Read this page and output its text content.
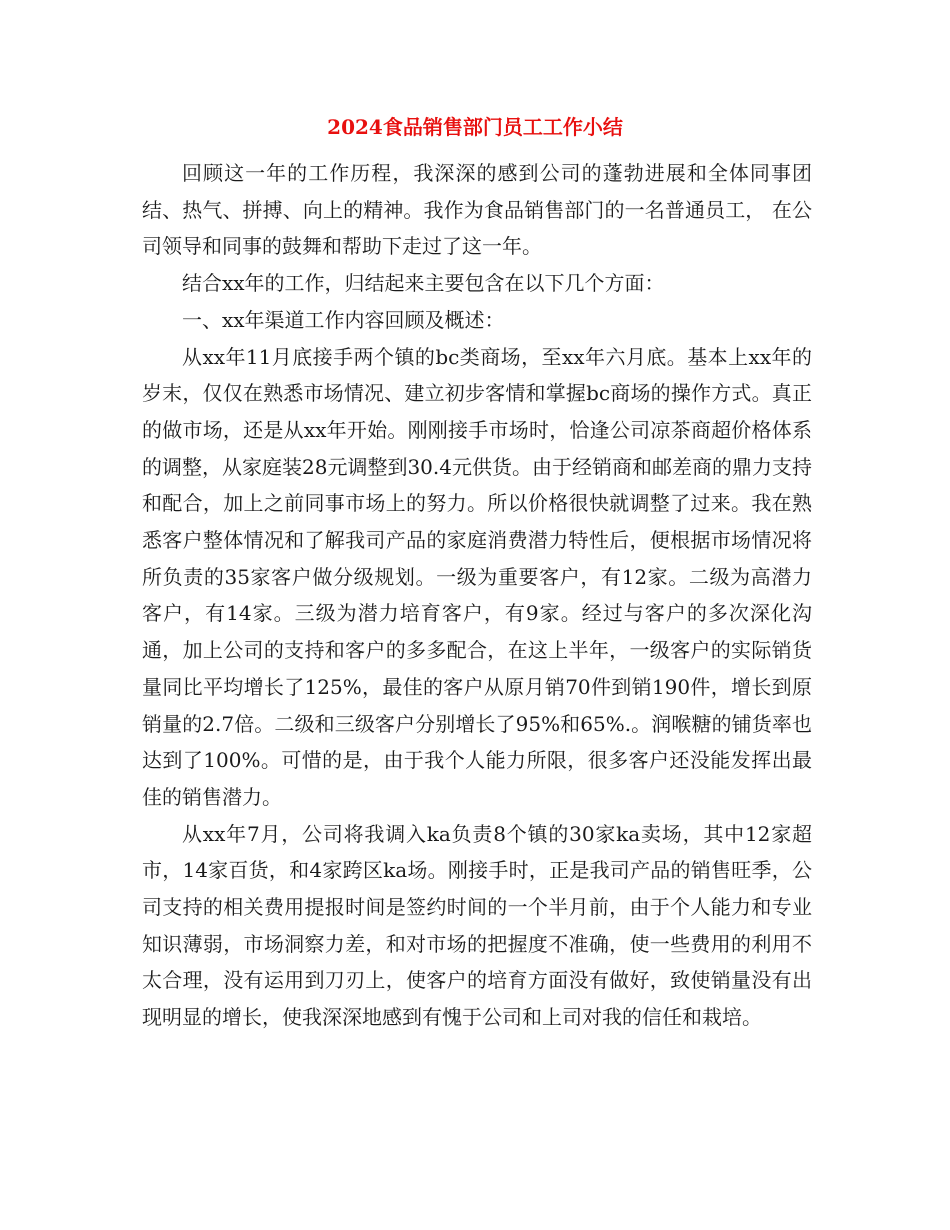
2024食品销售部门员工工作小结

回顾这一年的工作历程，我深深的感到公司的蓬勃进展和全体同事团结、热气、拼搏、向上的精神。我作为食品销售部门的一名普通员工， 在公司领导和同事的鼓舞和帮助下走过了这一年。

结合xx年的工作，归结起来主要包含在以下几个方面：

一、xx年渠道工作内容回顾及概述：

从xx年11月底接手两个镇的bc类商场，至xx年六月底。基本上xx年的岁末，仅仅在熟悉市场情况、建立初步客情和掌握bc商场的操作方式。真正的做市场，还是从xx年开始。刚刚接手市场时，恰逢公司凉茶商超价格体系的调整，从家庭装28元调整到30.4元供货。由于经销商和邮差商的鼎力支持和配合，加上之前同事市场上的努力。所以价格很快就调整了过来。我在熟悉客户整体情况和了解我司产品的家庭消费潜力特性后，便根据市场情况将所负责的35家客户做分级规划。一级为重要客户，有12家。二级为高潜力客户，有14家。三级为潜力培育客户，有9家。经过与客户的多次深化沟通，加上公司的支持和客户的多多配合，在这上半年，一级客户的实际销货量同比平均增长了125%，最佳的客户从原月销70件到销190件，增长到原销量的2.7倍。二级和三级客户分别增长了95%和65%.。润喉糖的铺货率也达到了100%。可惜的是，由于我个人能力所限，很多客户还没能发挥出最佳的销售潜力。

从xx年7月，公司将我调入ka负责8个镇的30家ka卖场，其中12家超市，14家百货，和4家跨区ka场。刚接手时，正是我司产品的销售旺季，公司支持的相关费用提报时间是签约时间的一个半月前，由于个人能力和专业知识薄弱，市场洞察力差，和对市场的把握度不准确，使一些费用的利用不太合理，没有运用到刀刃上，使客户的培育方面没有做好，致使销量没有出现明显的增长，使我深深地感到有愧于公司和上司对我的信任和栽培。
